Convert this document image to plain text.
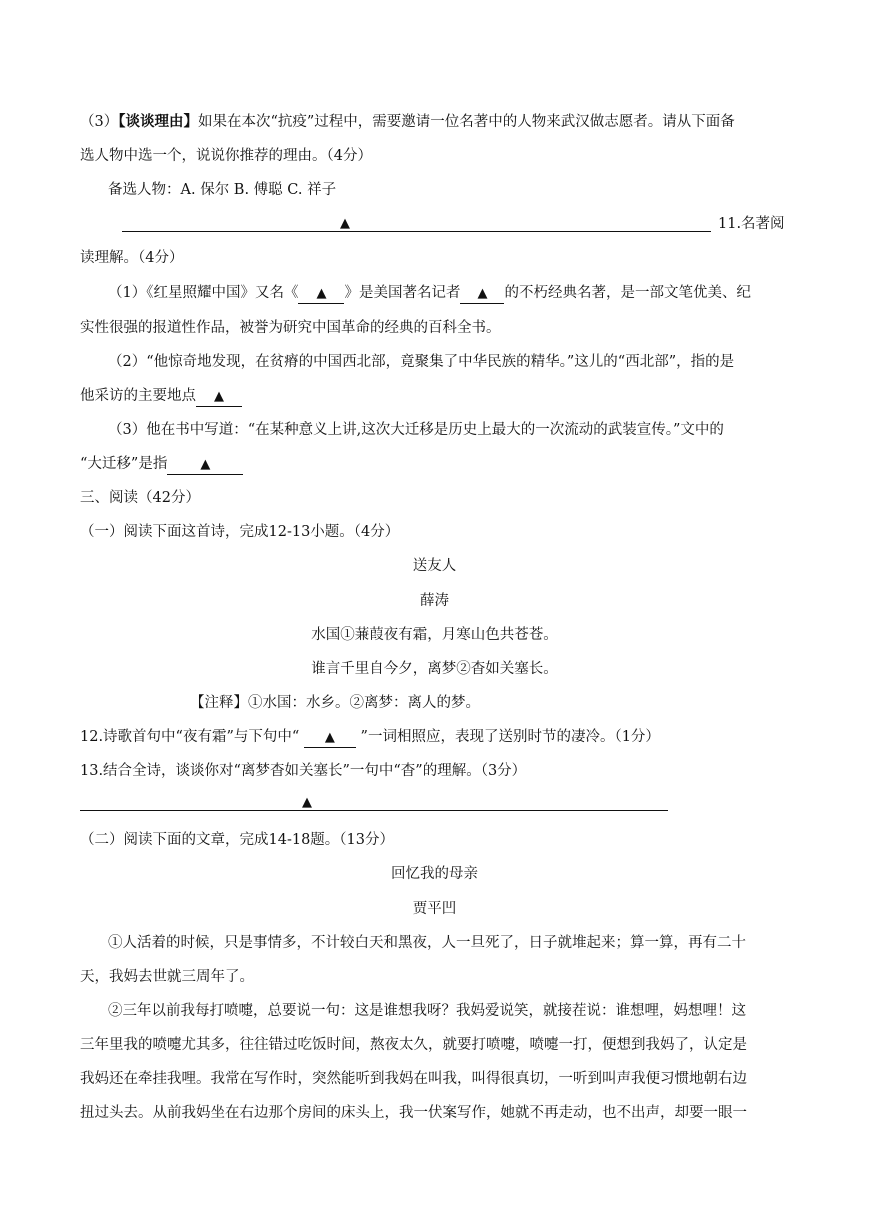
（3）【谈谈理由】如果在本次“抗疫”过程中，需要邀请一位名著中的人物来武汉做志愿者。请从下面备
选人物中选一个，说说你推荐的理由。（4分）
备选人物：A. 保尔 B. 傅聪 C. 祥子
▲	11.名著阅
读理解。（4分）
（1）《红星照耀中国》又名《 ▲ 》是美国著名记者 ▲ 的不朽经典名著，是一部文笔优美、纪
实性很强的报道性作品，被誉为研究中国革命的经典的百科全书。
（2）“他惊奇地发现，在贫瘠的中国西北部，竟聚集了中华民族的精华。”这儿的“西北部”，指的是
他采访的主要地点 ▲
（3）他在书中写道：“在某种意义上讲,这次大迁移是历史上最大的一次流动的武装宣传。”文中的
“大迁移”是指	▲
三、阅读（42分）
（一）阅读下面这首诗，完成12-13小题。（4分）
送友人
薛涛
水国①蒹葭夜有霜，月寒山色共苍苍。
谁言千里自今夕，离梦②杳如关塞长。
【注释】①水国：水乡。②离梦：离人的梦。
12.诗歌首句中“夜有霜”与下句中“ ▲ ”一词相照应，表现了送别时节的凄冷。（1分）
13.结合全诗，谈谈你对“离梦杳如关塞长”一句中“杳”的理解。（3分）
▲
（二）阅读下面的文章，完成14-18题。（13分）
回忆我的母亲
贾平凹
①人活着的时候，只是事情多，不计较白天和黑夜，人一旦死了，日子就堆起来；算一算，再有二十
天，我妈去世就三周年了。
②三年以前我每打喷嚏，总要说一句：这是谁想我呀？我妈爱说笑，就接茬说：谁想哩，妈想哩！这
三年里我的喷嚏尤其多，往往错过吃饭时间，熬夜太久，就要打喷嚏，喷嚏一打，便想到我妈了，认定是
我妈还在牵挂我哩。我常在写作时，突然能听到我妈在叫我，叫得很真切，一听到叫声我便习惯地朝右边
扭过头去。从前我妈坐在右边那个房间的床头上，我一伏案写作，她就不再走动，也不出声，却要一眼一
